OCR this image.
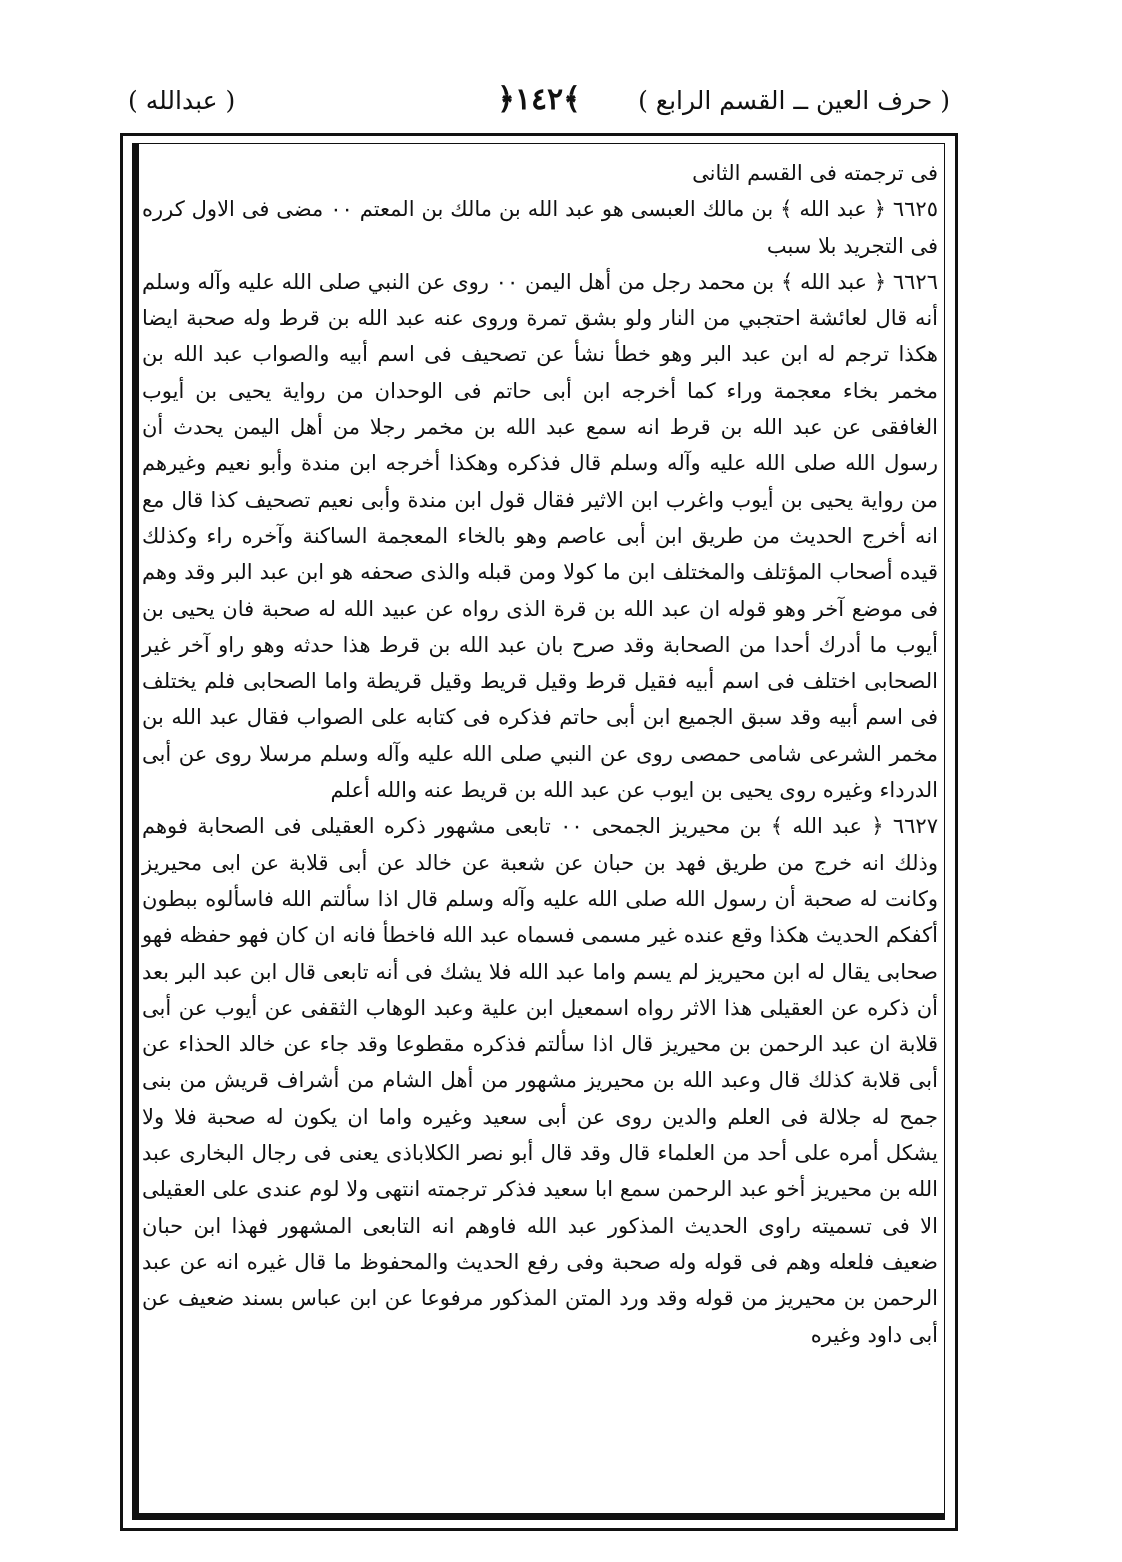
( حرف العين ــ القسم الرابع )
﴿١٤٢﴾
( عبدالله )

فى ترجمته فى القسم الثانى

٦٦٢٥ ﴿ عبد الله ﴾ بن مالك العبسى هو عبد الله بن مالك بن المعتم ٠٠ مضى فى الاول كرره فى التجريد بلا سبب

٦٦٢٦ ﴿ عبد الله ﴾ بن محمد رجل من أهل اليمن ٠٠ روى عن النبي صلى الله عليه وآله وسلم أنه قال لعائشة احتجبي من النار ولو بشق تمرة وروى عنه عبد الله بن قرط وله صحبة ايضا هكذا ترجم له ابن عبد البر وهو خطأ نشأ عن تصحيف فى اسم أبيه والصواب عبد الله بن مخمر بخاء معجمة وراء كما أخرجه ابن أبى حاتم فى الوحدان من رواية يحيى بن أيوب الغافقى عن عبد الله بن قرط انه سمع عبد الله بن مخمر رجلا من أهل اليمن يحدث أن رسول الله صلى الله عليه وآله وسلم قال فذكره وهكذا أخرجه ابن مندة وأبو نعيم وغيرهم من رواية يحيى بن أيوب واغرب ابن الاثير فقال قول ابن مندة وأبى نعيم تصحيف كذا قال مع انه أخرج الحديث من طريق ابن أبى عاصم وهو بالخاء المعجمة الساكنة وآخره راء وكذلك قيده أصحاب المؤتلف والمختلف ابن ما كولا ومن قبله والذى صحفه هو ابن عبد البر وقد وهم فى موضع آخر وهو قوله ان عبد الله بن قرة الذى رواه عن عبيد الله له صحبة فان يحيى بن أيوب ما أدرك أحدا من الصحابة وقد صرح بان عبد الله بن قرط هذا حدثه وهو راو آخر غير الصحابى اختلف فى اسم أبيه فقيل قرط وقيل قريط وقيل قريطة واما الصحابى فلم يختلف فى اسم أبيه وقد سبق الجميع ابن أبى حاتم فذكره فى كتابه على الصواب فقال عبد الله بن مخمر الشرعى شامى حمصى روى عن النبي صلى الله عليه وآله وسلم مرسلا روى عن أبى الدرداء وغيره روى يحيى بن ايوب عن عبد الله بن قريط عنه والله أعلم

٦٦٢٧ ﴿ عبد الله ﴾ بن محيريز الجمحى ٠٠ تابعى مشهور ذكره العقيلى فى الصحابة فوهم وذلك انه خرج من طريق فهد بن حبان عن شعبة عن خالد عن أبى قلابة عن ابى محيريز وكانت له صحبة أن رسول الله صلى الله عليه وآله وسلم قال اذا سألتم الله فاسألوه ببطون أكفكم الحديث هكذا وقع عنده غير مسمى فسماه عبد الله فاخطأ فانه ان كان فهو حفظه فهو صحابى يقال له ابن محيريز لم يسم واما عبد الله فلا يشك فى أنه تابعى قال ابن عبد البر بعد أن ذكره عن العقيلى هذا الاثر رواه اسمعيل ابن علية وعبد الوهاب الثقفى عن أيوب عن أبى قلابة ان عبد الرحمن بن محيريز قال اذا سألتم فذكره مقطوعا وقد جاء عن خالد الحذاء عن أبى قلابة كذلك قال وعبد الله بن محيريز مشهور من أهل الشام من أشراف قريش من بنى جمح له جلالة فى العلم والدين روى عن أبى سعيد وغيره واما ان يكون له صحبة فلا ولا يشكل أمره على أحد من العلماء قال وقد قال أبو نصر الكلاباذى يعنى فى رجال البخارى عبد الله بن محيريز أخو عبد الرحمن سمع ابا سعيد فذكر ترجمته انتهى ولا لوم عندى على العقيلى الا فى تسميته راوى الحديث المذكور عبد الله فاوهم انه التابعى المشهور فهذا ابن حبان ضعيف فلعله وهم فى قوله وله صحبة وفى رفع الحديث والمحفوظ ما قال غيره انه عن عبد الرحمن بن محيريز من قوله وقد ورد المتن المذكور مرفوعا عن ابن عباس بسند ضعيف عن أبى داود وغيره
